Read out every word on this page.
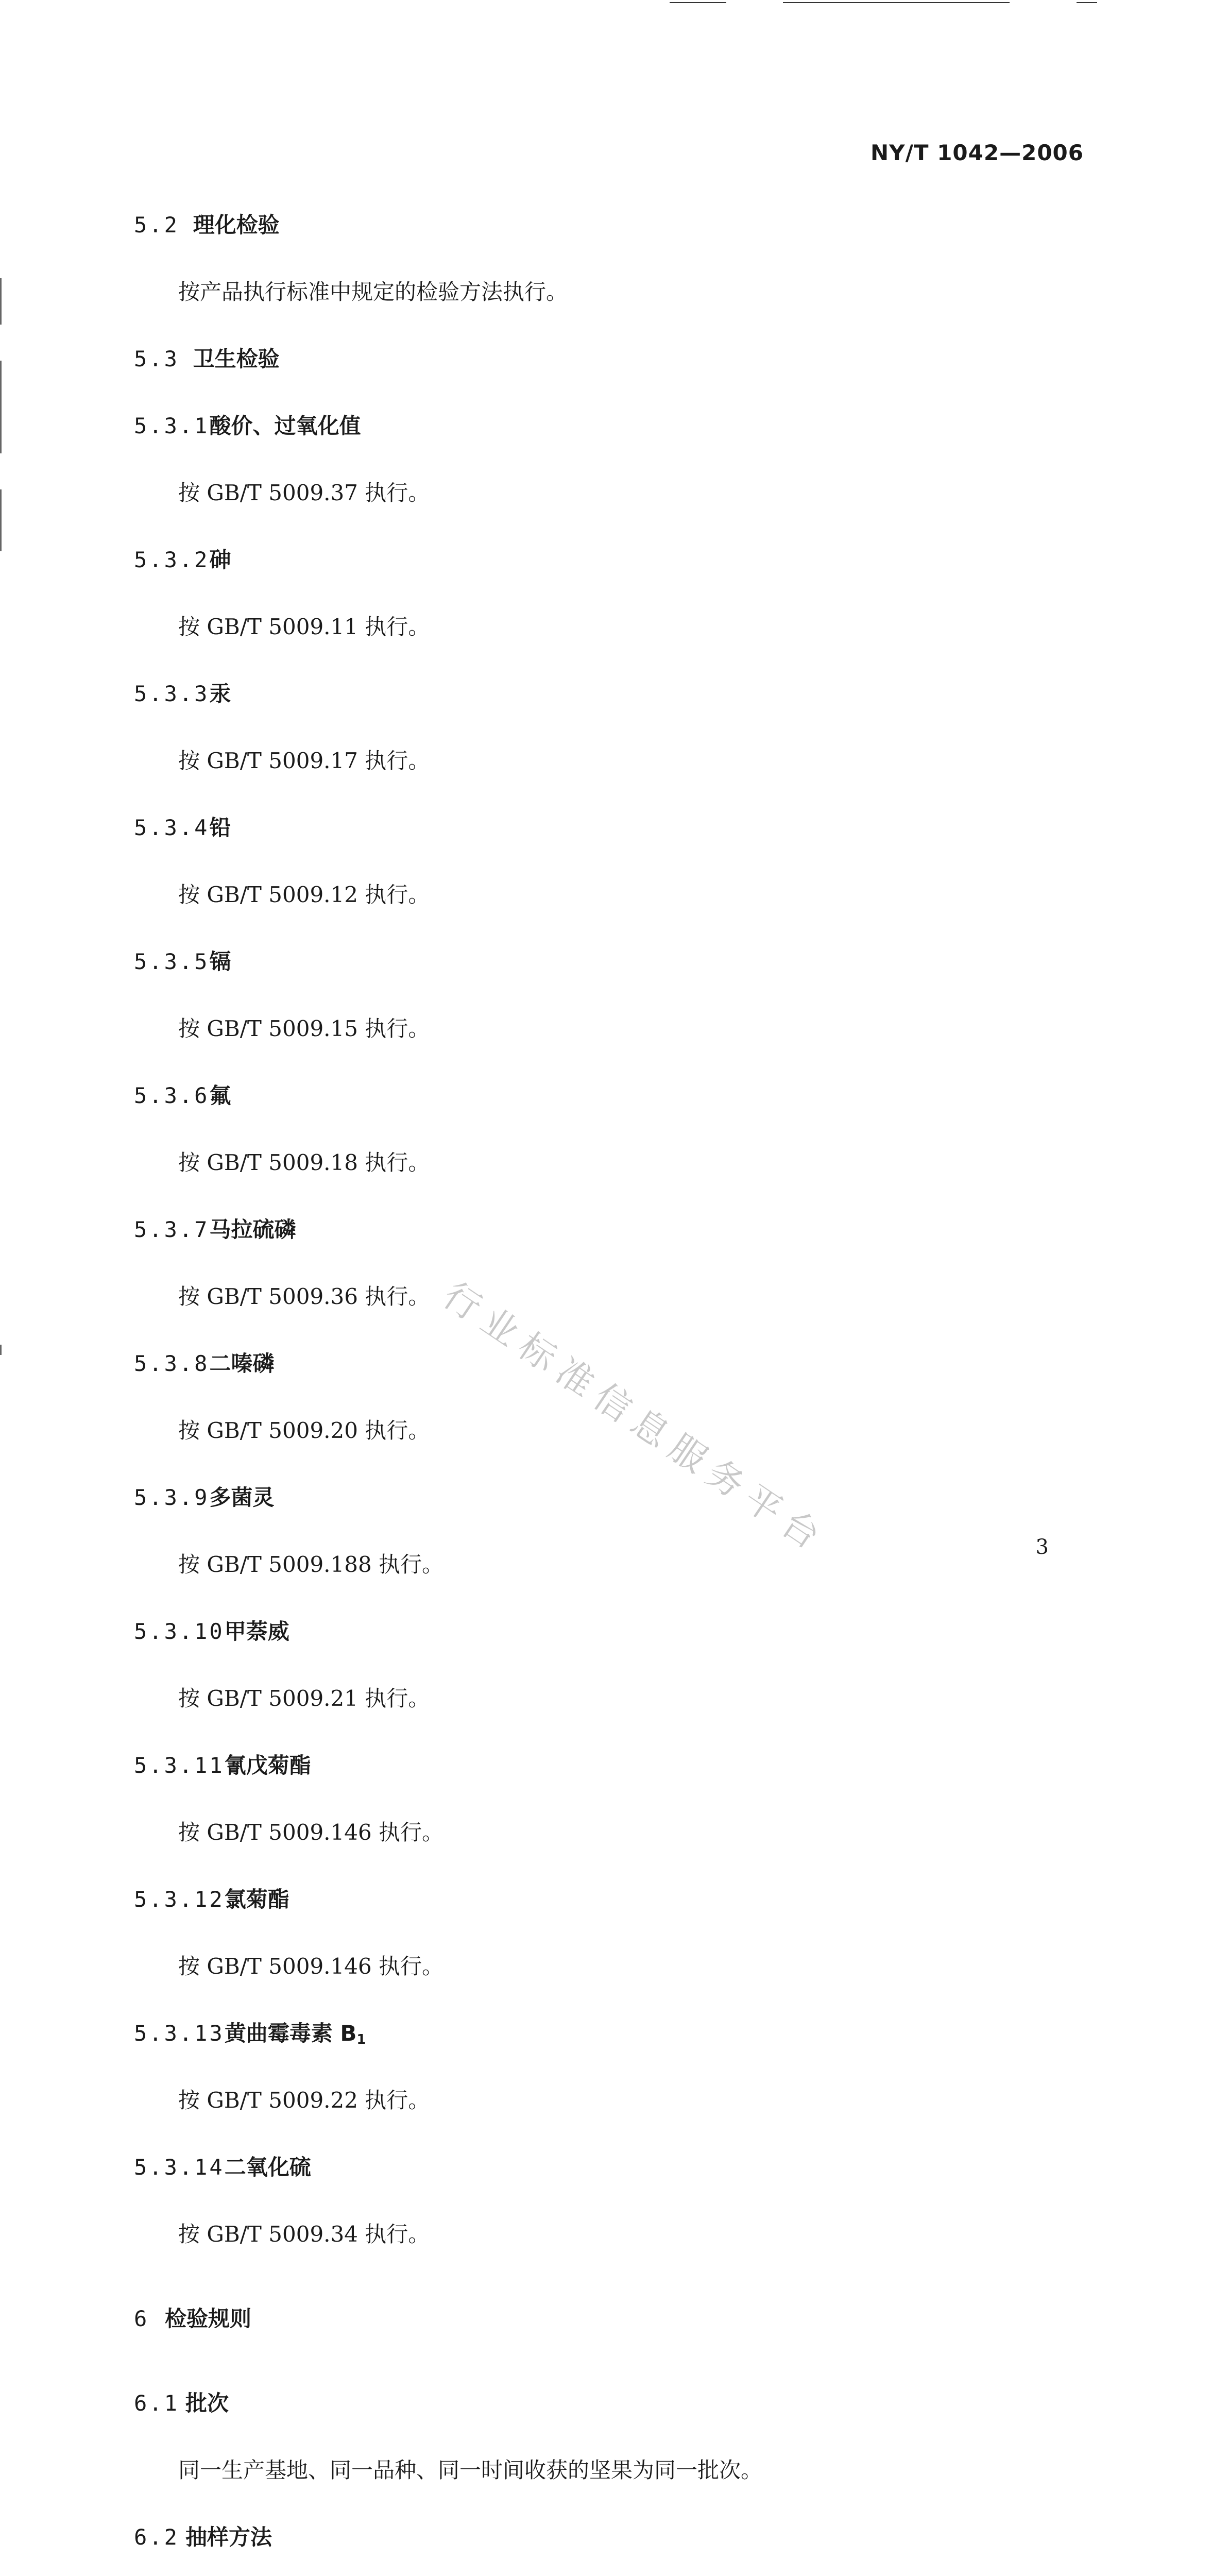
NY/T 1042—2006
5.2 理化检验
按产品执行标准中规定的检验方法执行。
5.3 卫生检验
5.3.1酸价、过氧化值
按 GB/T 5009.37 执行。
5.3.2砷
按 GB/T 5009.11 执行。
5.3.3汞
按 GB/T 5009.17 执行。
5.3.4铅
按 GB/T 5009.12 执行。
5.3.5镉
按 GB/T 5009.15 执行。
5.3.6氟
按 GB/T 5009.18 执行。
5.3.7马拉硫磷
按 GB/T 5009.36 执行。
5.3.8二嗪磷
按 GB/T 5009.20 执行。
5.3.9多菌灵
按 GB/T 5009.188 执行。
5.3.10甲萘威
按 GB/T 5009.21 执行。
5.3.11氰戊菊酯
按 GB/T 5009.146 执行。
5.3.12氯菊酯
按 GB/T 5009.146 执行。
5.3.13黄曲霉毒素 $B_1$
按 GB/T 5009.22 执行。
5.3.14二氧化硫
按 GB/T 5009.34 执行。
6 检验规则
6.1 批次
同一生产基地、同一品种、同一时间收获的坚果为同一批次。
6.2 抽样方法
行业标准信息服务平台	3
